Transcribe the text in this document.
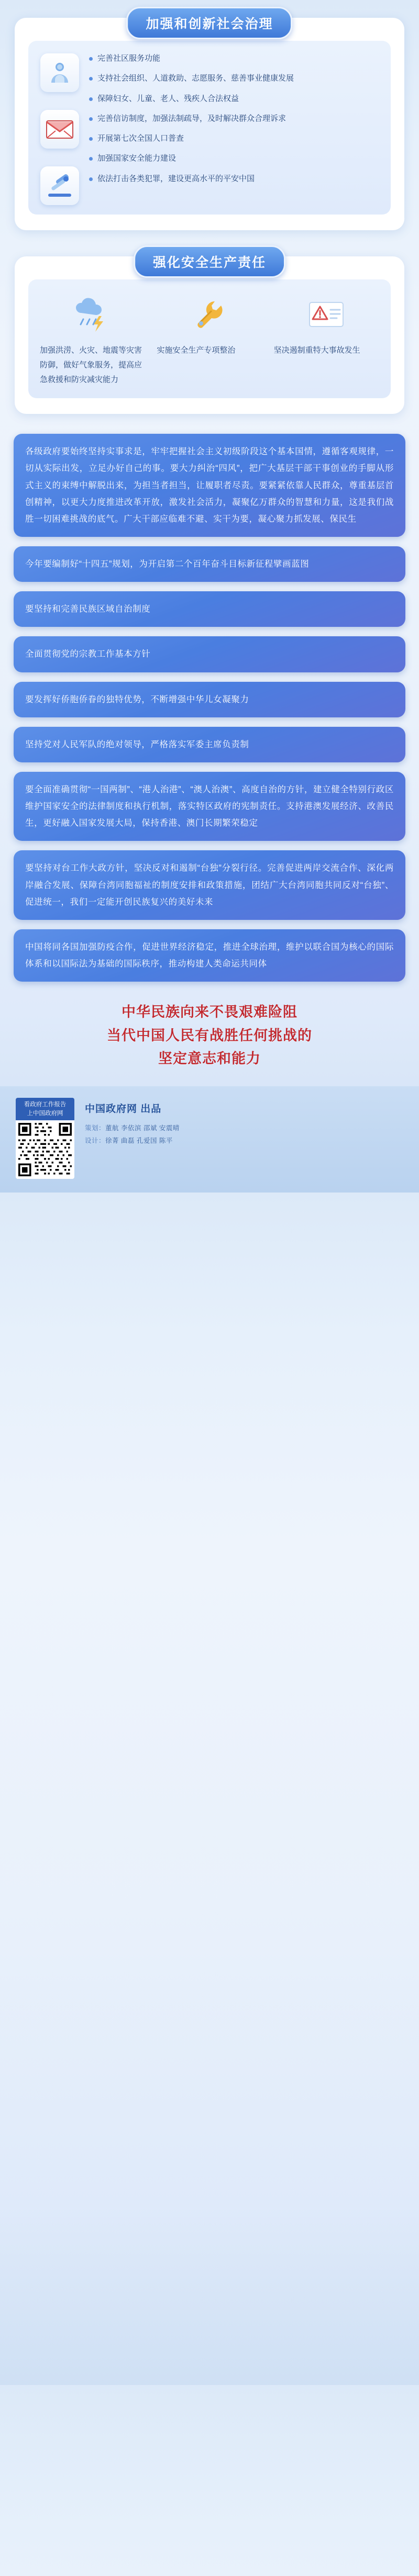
加强和创新社会治理
完善社区服务功能
支持社会组织、人道救助、志愿服务、慈善事业健康发展
保障妇女、儿童、老人、残疾人合法权益
完善信访制度，加强法制疏导，及时解决群众合理诉求
开展第七次全国人口普查
加强国家安全能力建设
依法打击各类犯罪，建设更高水平的平安中国
强化安全生产责任
加强洪涝、火灾、地震等灾害防御，做好气象服务，提高应急救援和防灾减灾能力
实施安全生产专项整治	坚决遏制重特大事故发生
各级政府要始终坚持实事求是，牢牢把握社会主义初级阶段这个基本国情，遵循客观规律，一切从实际出发，立足办好自己的事。要大力纠治“四风”，把广大基层干部干事创业的手脚从形式主义的束缚中解脱出来，为担当者担当，让履职者尽责。要紧紧依靠人民群众，尊重基层首创精神，以更大力度推进改革开放，激发社会活力，凝聚亿万群众的智慧和力量，这是我们战胜一切困难挑战的底气。广大干部应临难不避、实干为要，凝心聚力抓发展、保民生
今年要编制好“十四五”规划，为开启第二个百年奋斗目标新征程擘画蓝图
要坚持和完善民族区域自治制度
全面贯彻党的宗教工作基本方针
要发挥好侨胞侨眷的独特优势，不断增强中华儿女凝聚力
坚持党对人民军队的绝对领导，严格落实军委主席负责制
要全面准确贯彻“一国两制”、“港人治港”、“澳人治澳”、高度自治的方针，建立健全特别行政区维护国家安全的法律制度和执行机制，落实特区政府的宪制责任。支持港澳发展经济、改善民生，更好融入国家发展大局，保持香港、澳门长期繁荣稳定
要坚持对台工作大政方针，坚决反对和遏制“台独”分裂行径。完善促进两岸交流合作、深化两岸融合发展、保障台湾同胞福祉的制度安排和政策措施，团结广大台湾同胞共同反对“台独”、促进统一，我们一定能开创民族复兴的美好未来
中国将同各国加强防疫合作，促进世界经济稳定，推进全球治理，维护以联合国为核心的国际体系和以国际法为基础的国际秩序，推动构建人类命运共同体
中华民族向来不畏艰难险阻
当代中国人民有战胜任何挑战的
坚定意志和能力
看政府工作报告
上中国政府网	中国政府网 出品
策划：董航 李依滨 邵斌 安震晴
设计：徐菁 曲磊 孔爱国 陈平
